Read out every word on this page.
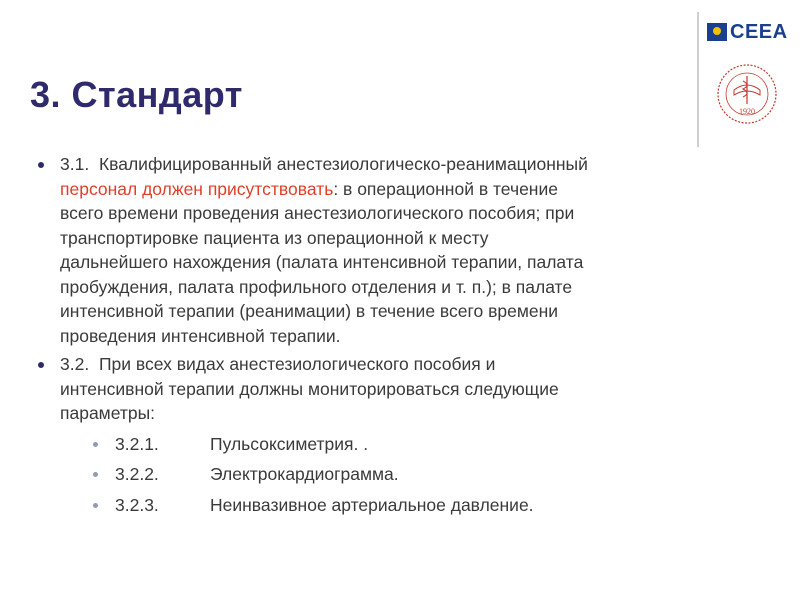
3. Стандарт
CEEA
1920
3.1. Квалифицированный анестезиологическо-реанимационный
персонал должен присутствовать: в операционной в течение
всего времени проведения анестезиологического пособия; при
транспортировке пациента из операционной к месту
дальнейшего нахождения (палата интенсивной терапии, палата
пробуждения, палата профильного отделения и т. п.); в палате
интенсивной терапии (реанимации) в течение всего времени
проведения интенсивной терапии.
3.2. При всех видах анестезиологического пособия и
интенсивной терапии должны мониторироваться следующие
параметры:
3.2.1.	Пульсоксиметрия. .
3.2.2.	Электрокардиограмма.
3.2.3.	Неинвазивное артериальное давление.
